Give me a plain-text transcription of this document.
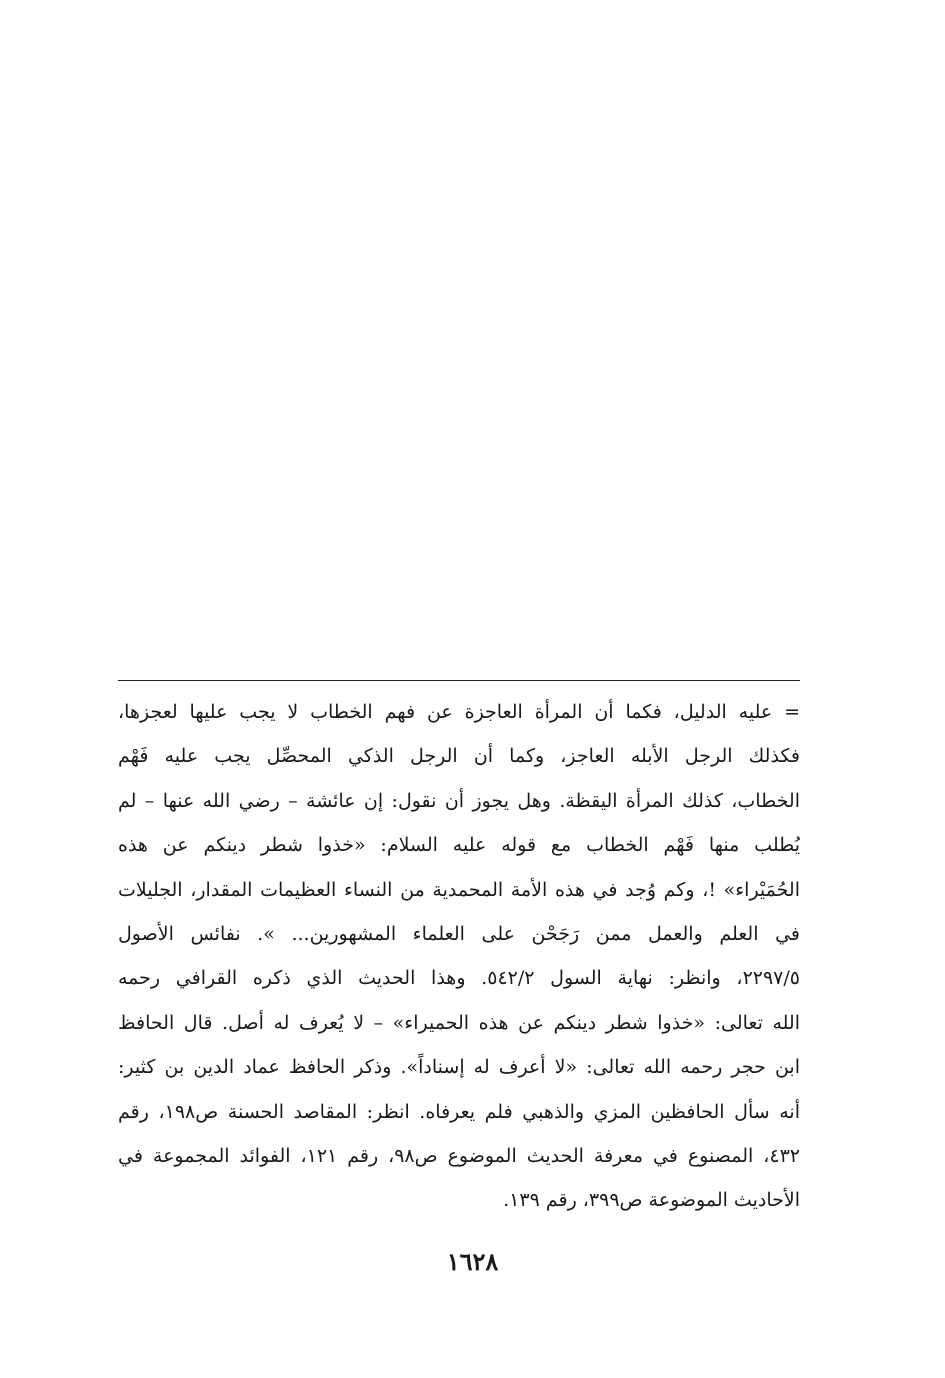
= عليه الدليل، فكما أن المرأة العاجزة عن فهم الخطاب لا يجب عليها لعجزها،
فكذلك الرجل الأبله العاجز، وكما أن الرجل الذكي المحصِّل يجب عليه فَهْم
الخطاب، كذلك المرأة اليقظة. وهل يجوز أن نقول: إن عائشة – رضي الله عنها – لم
يُطلب منها فَهْم الخطاب مع قوله عليه السلام: «خذوا شطر دينكم عن هذه
الحُمَيْراء» !، وكم وُجد في هذه الأمة المحمدية من النساء العظيمات المقدار، الجليلات
في العلم والعمل ممن رَجَحْن على العلماء المشهورين... ». نفائس الأصول
٢٢٩٧/٥، وانظر: نهاية السول ٥٤٢/٢. وهذا الحديث الذي ذكره القرافي رحمه
الله تعالى: «خذوا شطر دينكم عن هذه الحميراء» – لا يُعرف له أصل. قال الحافظ
ابن حجر رحمه الله تعالى: «لا أعرف له إسناداً». وذكر الحافظ عماد الدين بن كثير:
أنه سأل الحافظين المزي والذهبي فلم يعرفاه. انظر: المقاصد الحسنة ص١٩٨، رقم
٤٣٢، المصنوع في معرفة الحديث الموضوع ص٩٨، رقم ١٢١، الفوائد المجموعة في
الأحاديث الموضوعة ص٣٩٩، رقم ١٣٩.
١٦٢٨
